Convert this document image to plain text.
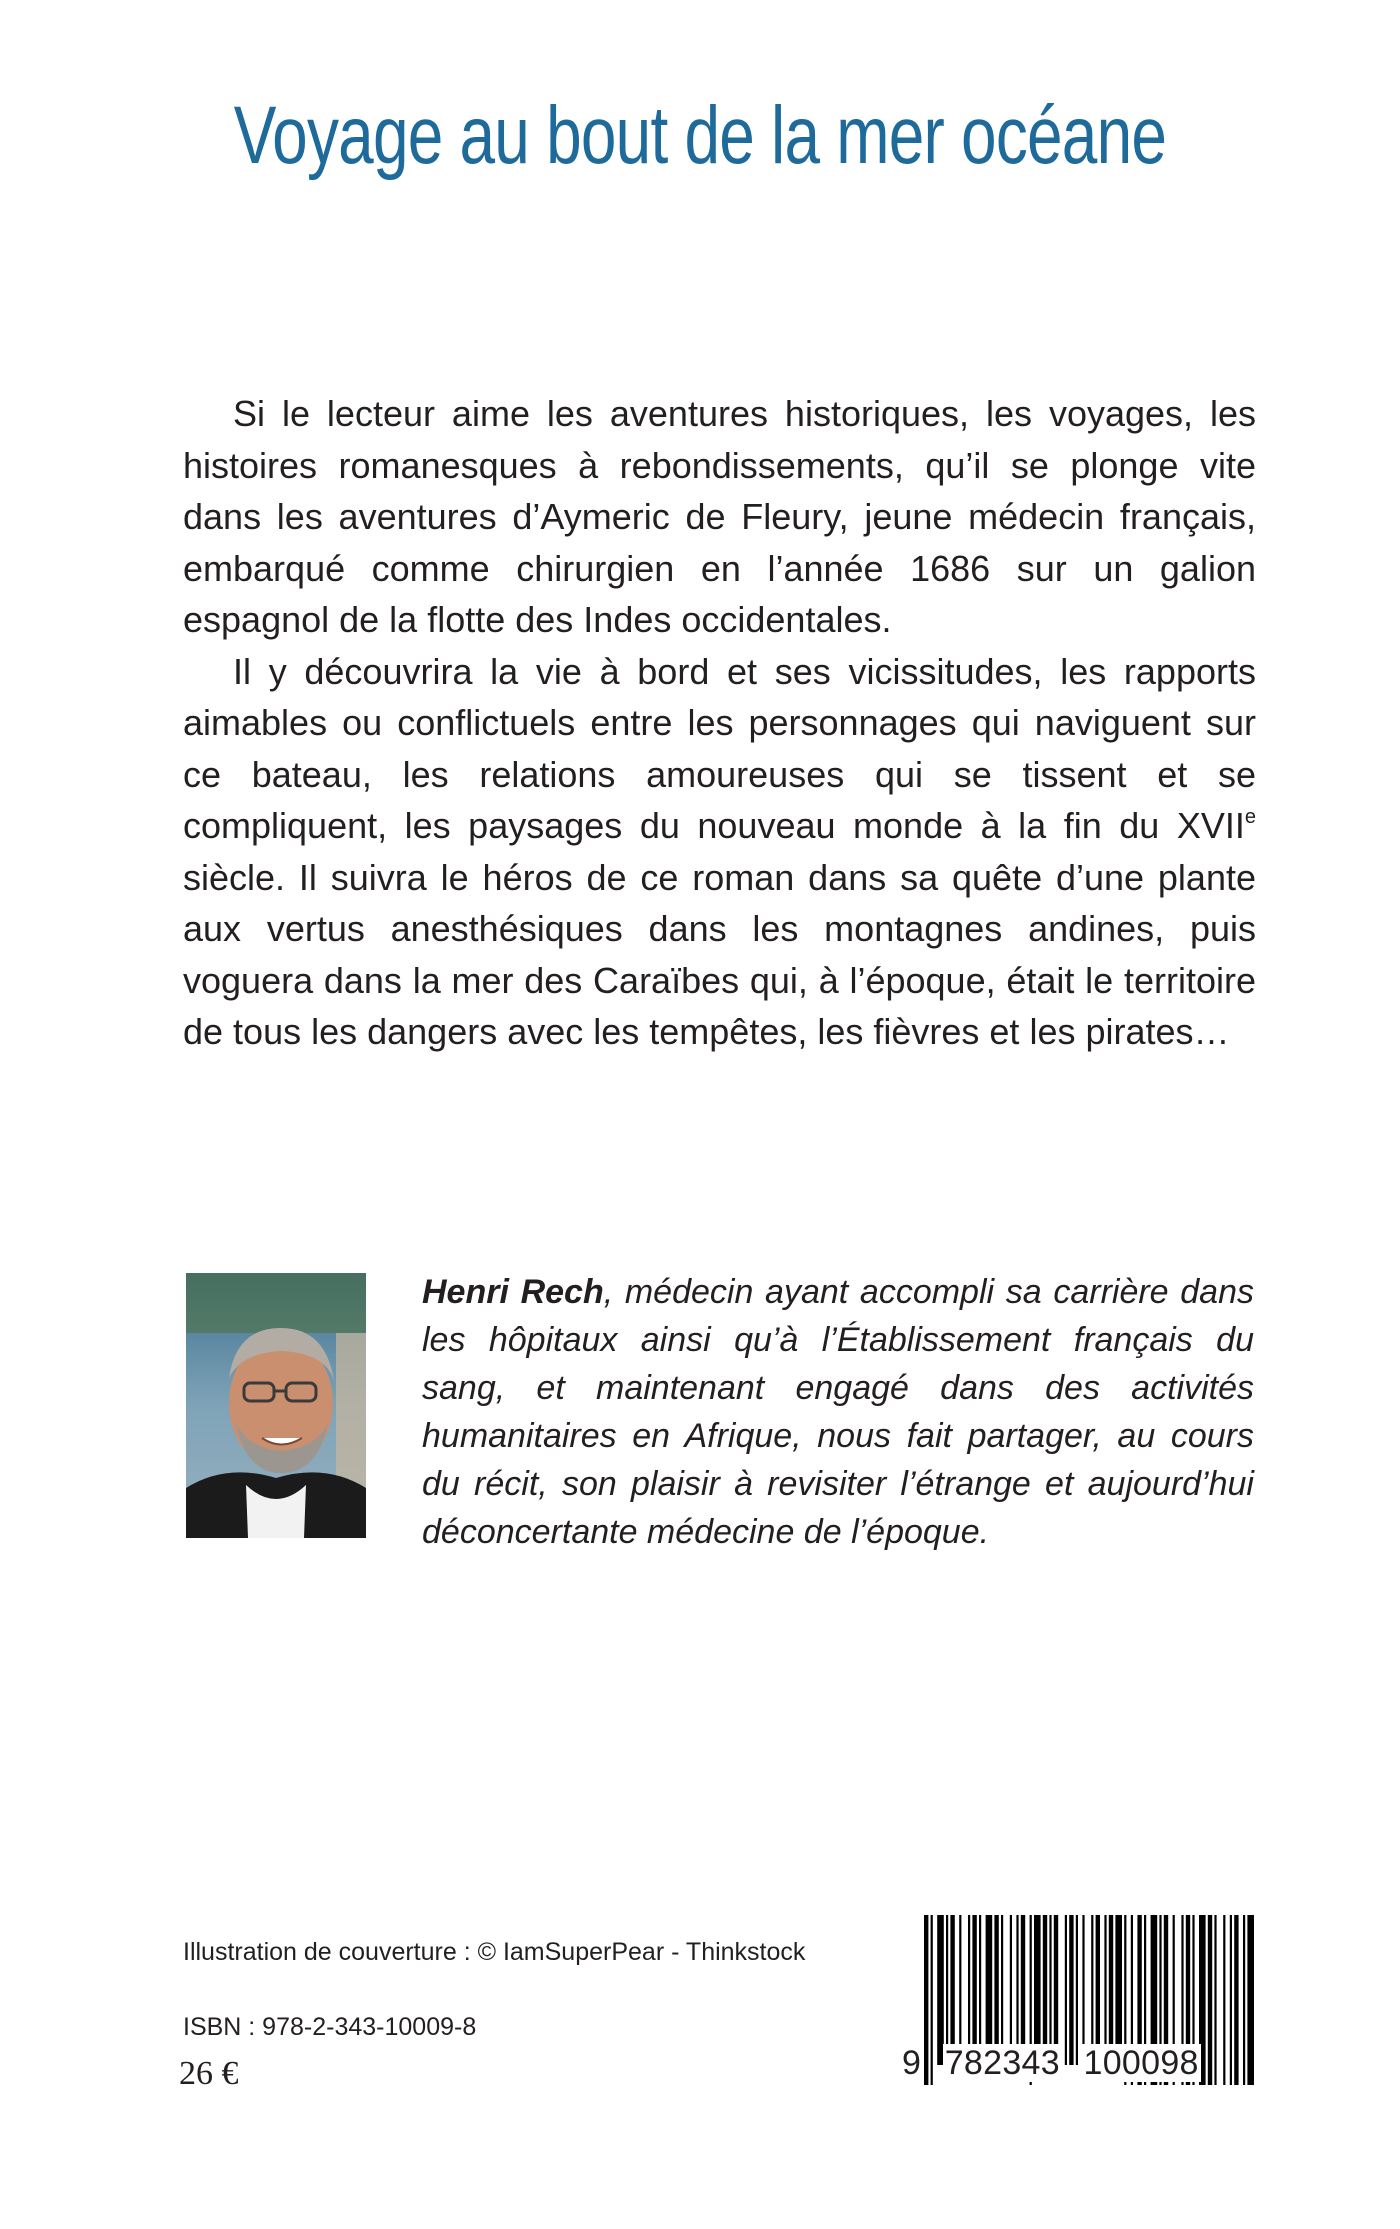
Voyage au bout de la mer océane

Si le lecteur aime les aventures historiques, les voyages, les histoires romanesques à rebondissements, qu’il se plonge vite dans les aventures d’Aymeric de Fleury, jeune médecin français, embarqué comme chirurgien en l’année 1686 sur un galion espagnol de la flotte des Indes occidentales.

Il y découvrira la vie à bord et ses vicissitudes, les rapports aimables ou conflictuels entre les personnages qui naviguent sur ce bateau, les relations amoureuses qui se tissent et se compliquent, les paysages du nouveau monde à la fin du XVIIe siècle. Il suivra le héros de ce roman dans sa quête d’une plante aux vertus anesthésiques dans les montagnes andines, puis voguera dans la mer des Caraïbes qui, à l’époque, était le territoire de tous les dangers avec les tempêtes, les fièvres et les pirates…

Henri Rech, médecin ayant accompli sa carrière dans les hôpitaux ainsi qu’à l’Établissement français du sang, et maintenant engagé dans des activités humanitaires en Afrique, nous fait partager, au cours du récit, son plaisir à revisiter l’étrange et aujourd’hui déconcertante médecine de l’époque.

Illustration de couverture : © IamSuperPear - Thinkstock

ISBN : 978-2-343-10009-8

26 €	9 782343 100098
